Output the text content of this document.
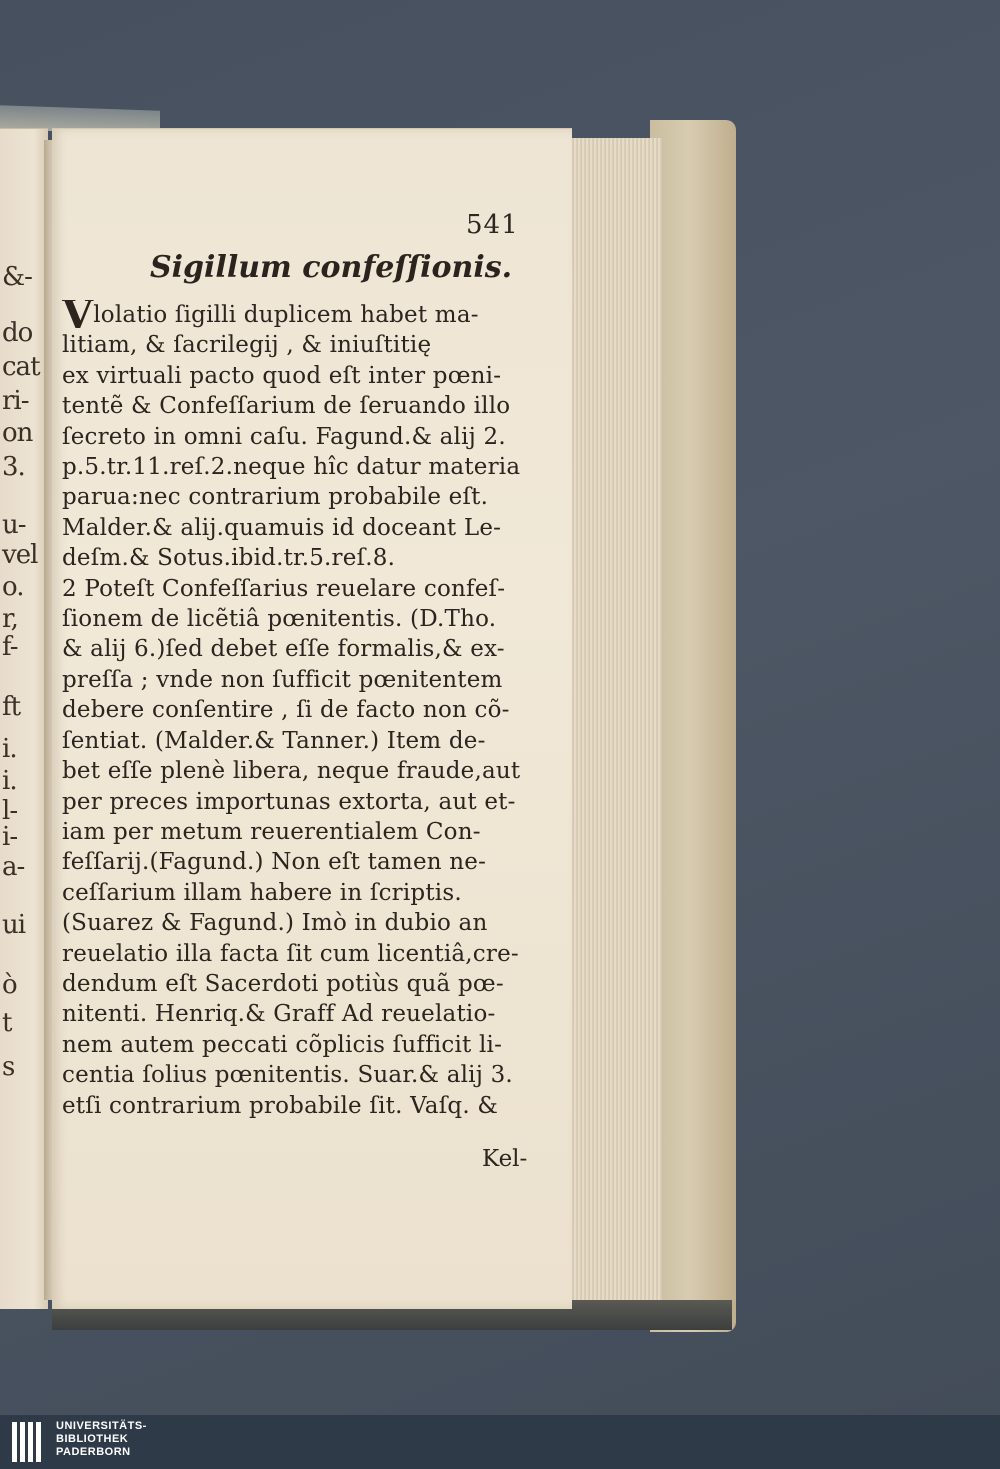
&-
do
cat
ri-
on
3.
u-
vel
o.
r,
f-
ft
i.
i.
l-
i-
a-
ui
ò
t
s
541
Sigillum confeſſionis.
Vlolatio ſigilli duplicem habet ma-
litiam, & ſacrilegij , & iniuſtitię
ex virtuali pacto quod eſt inter pœni-
tentẽ & Confeſſarium de ſeruando illo
ſecreto in omni caſu. Fagund.& alij 2.
p.5.tr.11.reſ.2.neque hîc datur materia
parua:nec contrarium probabile eſt.
Malder.& alij.quamuis id doceant Le-
deſm.& Sotus.ibid.tr.5.reſ.8.
2 Poteſt Confeſſarius reuelare confeſ-
ſionem de licẽtiâ pœnitentis. (D.Tho.
& alij 6.)ſed debet eſſe formalis,& ex-
preſſa ; vnde non ſufficit pœnitentem
debere conſentire , ſi de facto non cõ-
ſentiat. (Malder.& Tanner.) Item de-
bet eſſe plenè libera, neque fraude,aut
per preces importunas extorta, aut et-
iam per metum reuerentialem Con-
feſſarij.(Fagund.) Non eſt tamen ne-
ceſſarium illam habere in ſcriptis.
(Suarez & Fagund.) Imò in dubio an
reuelatio illa facta ſit cum licentiâ,cre-
dendum eſt Sacerdoti potiùs quã pœ-
nitenti. Henriq.& Graff Ad reuelatio-
nem autem peccati cõplicis ſufficit li-
centia ſolius pœnitentis. Suar.& alij 3.
etſi contrarium probabile ſit. Vaſq. &
Kel-
UNIVERSITÄTS-
BIBLIOTHEK
PADERBORN
